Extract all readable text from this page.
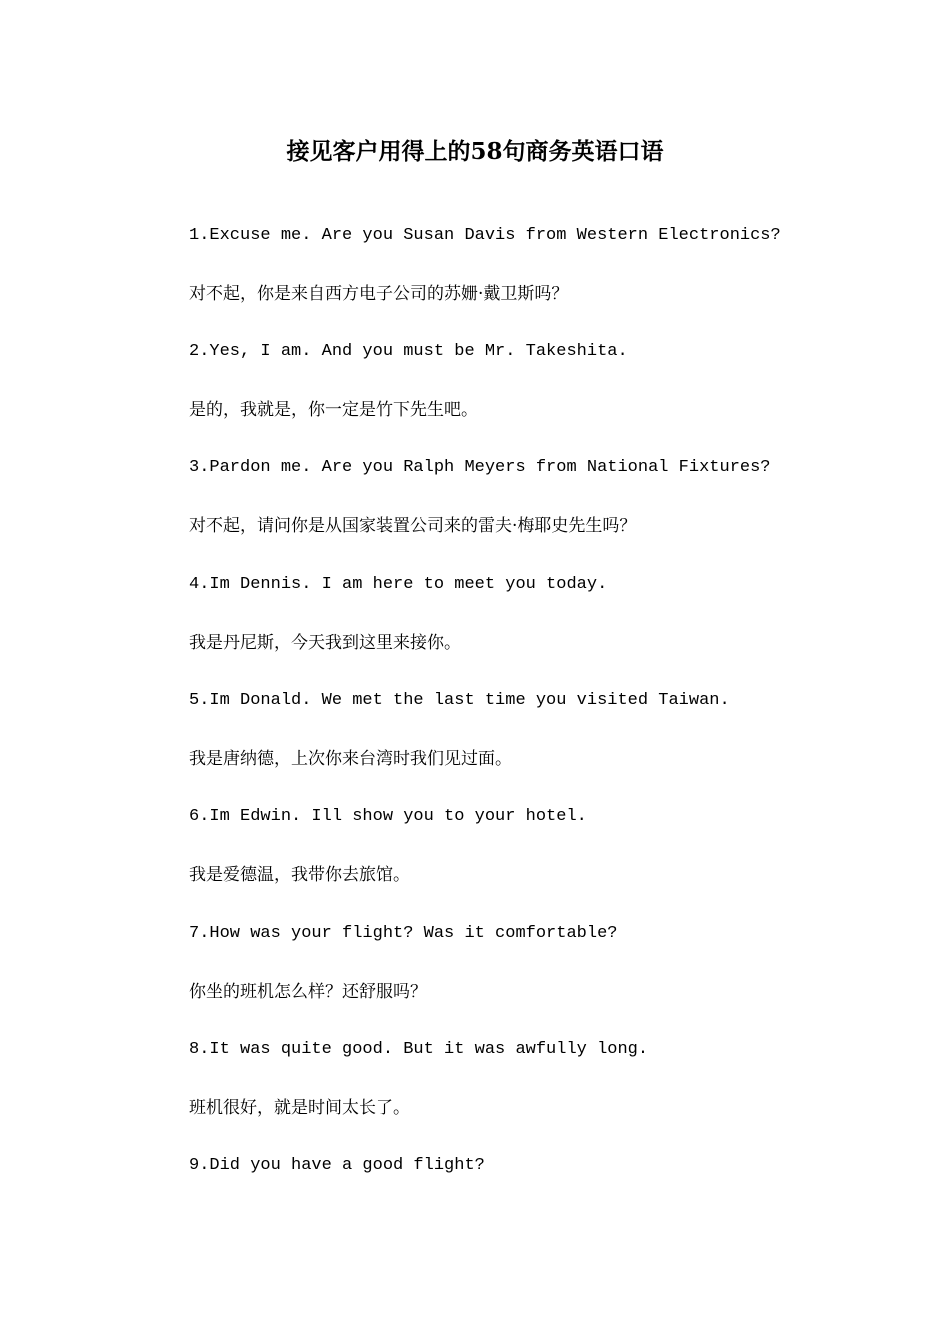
接见客户用得上的58句商务英语口语

1.Excuse me. Are you Susan Davis from Western Electronics?

对不起，你是来自西方电子公司的苏姗·戴卫斯吗？

2.Yes, I am. And you must be Mr. Takeshita.

是的，我就是，你一定是竹下先生吧。

3.Pardon me. Are you Ralph Meyers from National Fixtures?

对不起，请问你是从国家装置公司来的雷夫·梅耶史先生吗？

4.Im Dennis. I am here to meet you today.

我是丹尼斯，今天我到这里来接你。

5.Im Donald. We met the last time you visited Taiwan.

我是唐纳德，上次你来台湾时我们见过面。

6.Im Edwin. Ill show you to your hotel.

我是爱德温，我带你去旅馆。

7.How was your flight? Was it comfortable?

你坐的班机怎么样？还舒服吗？

8.It was quite good. But it was awfully long.

班机很好，就是时间太长了。

9.Did you have a good flight?
